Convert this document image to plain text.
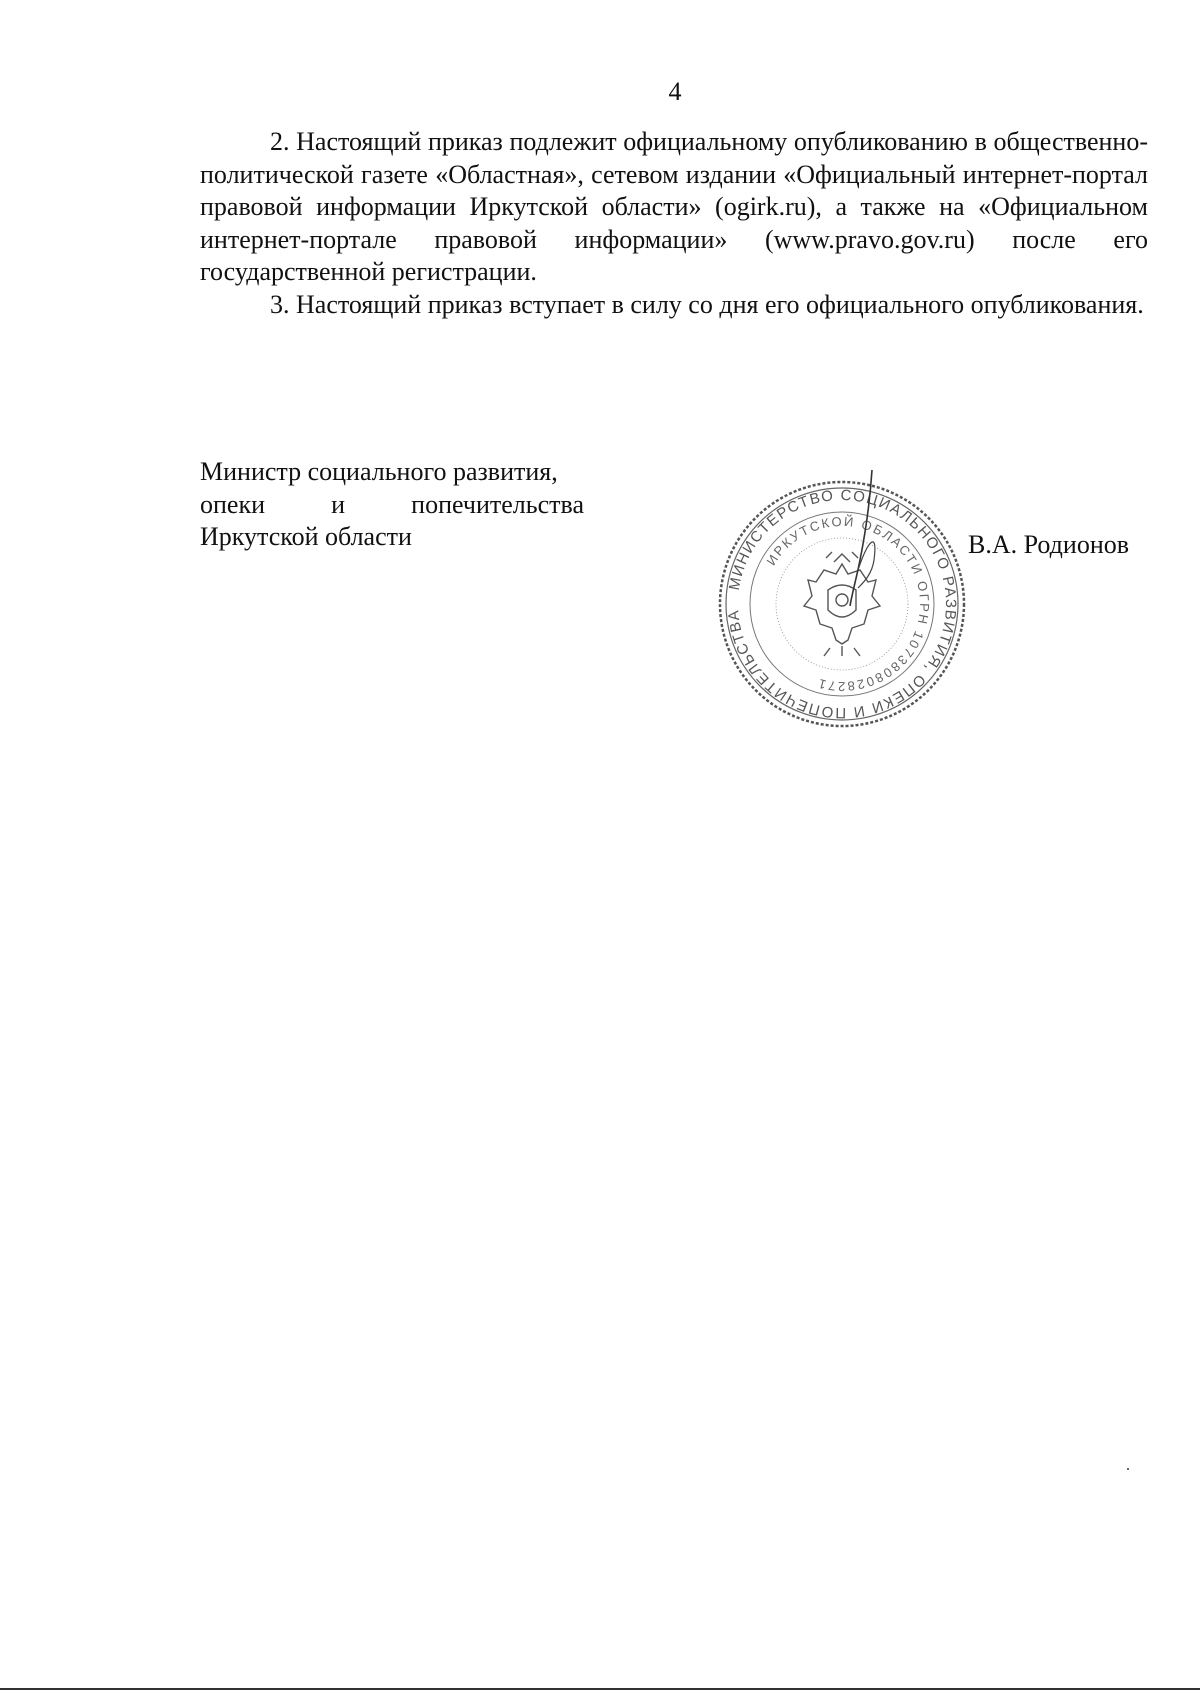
4

2. Настоящий приказ подлежит официальному опубликованию в общественно-политической газете «Областная», сетевом издании «Официальный интернет-портал правовой информации Иркутской области» (ogirk.ru), а также на «Официальном интернет-портале правовой информации» (www.pravo.gov.ru) после его государственной регистрации.

3. Настоящий приказ вступает в силу со дня его официального опубликования.

Министр социального развития,
опеки и попечительства
Иркутской области
МИНИСТЕРСТВО СОЦИАЛЬНОГО РАЗВИТИЯ, ОПЕКИ И ПОПЕЧИТЕЛЬСТВА
ИРКУТСКОЙ ОБЛАСТИ ОГРН 1073808028271
В.А. Родионов
